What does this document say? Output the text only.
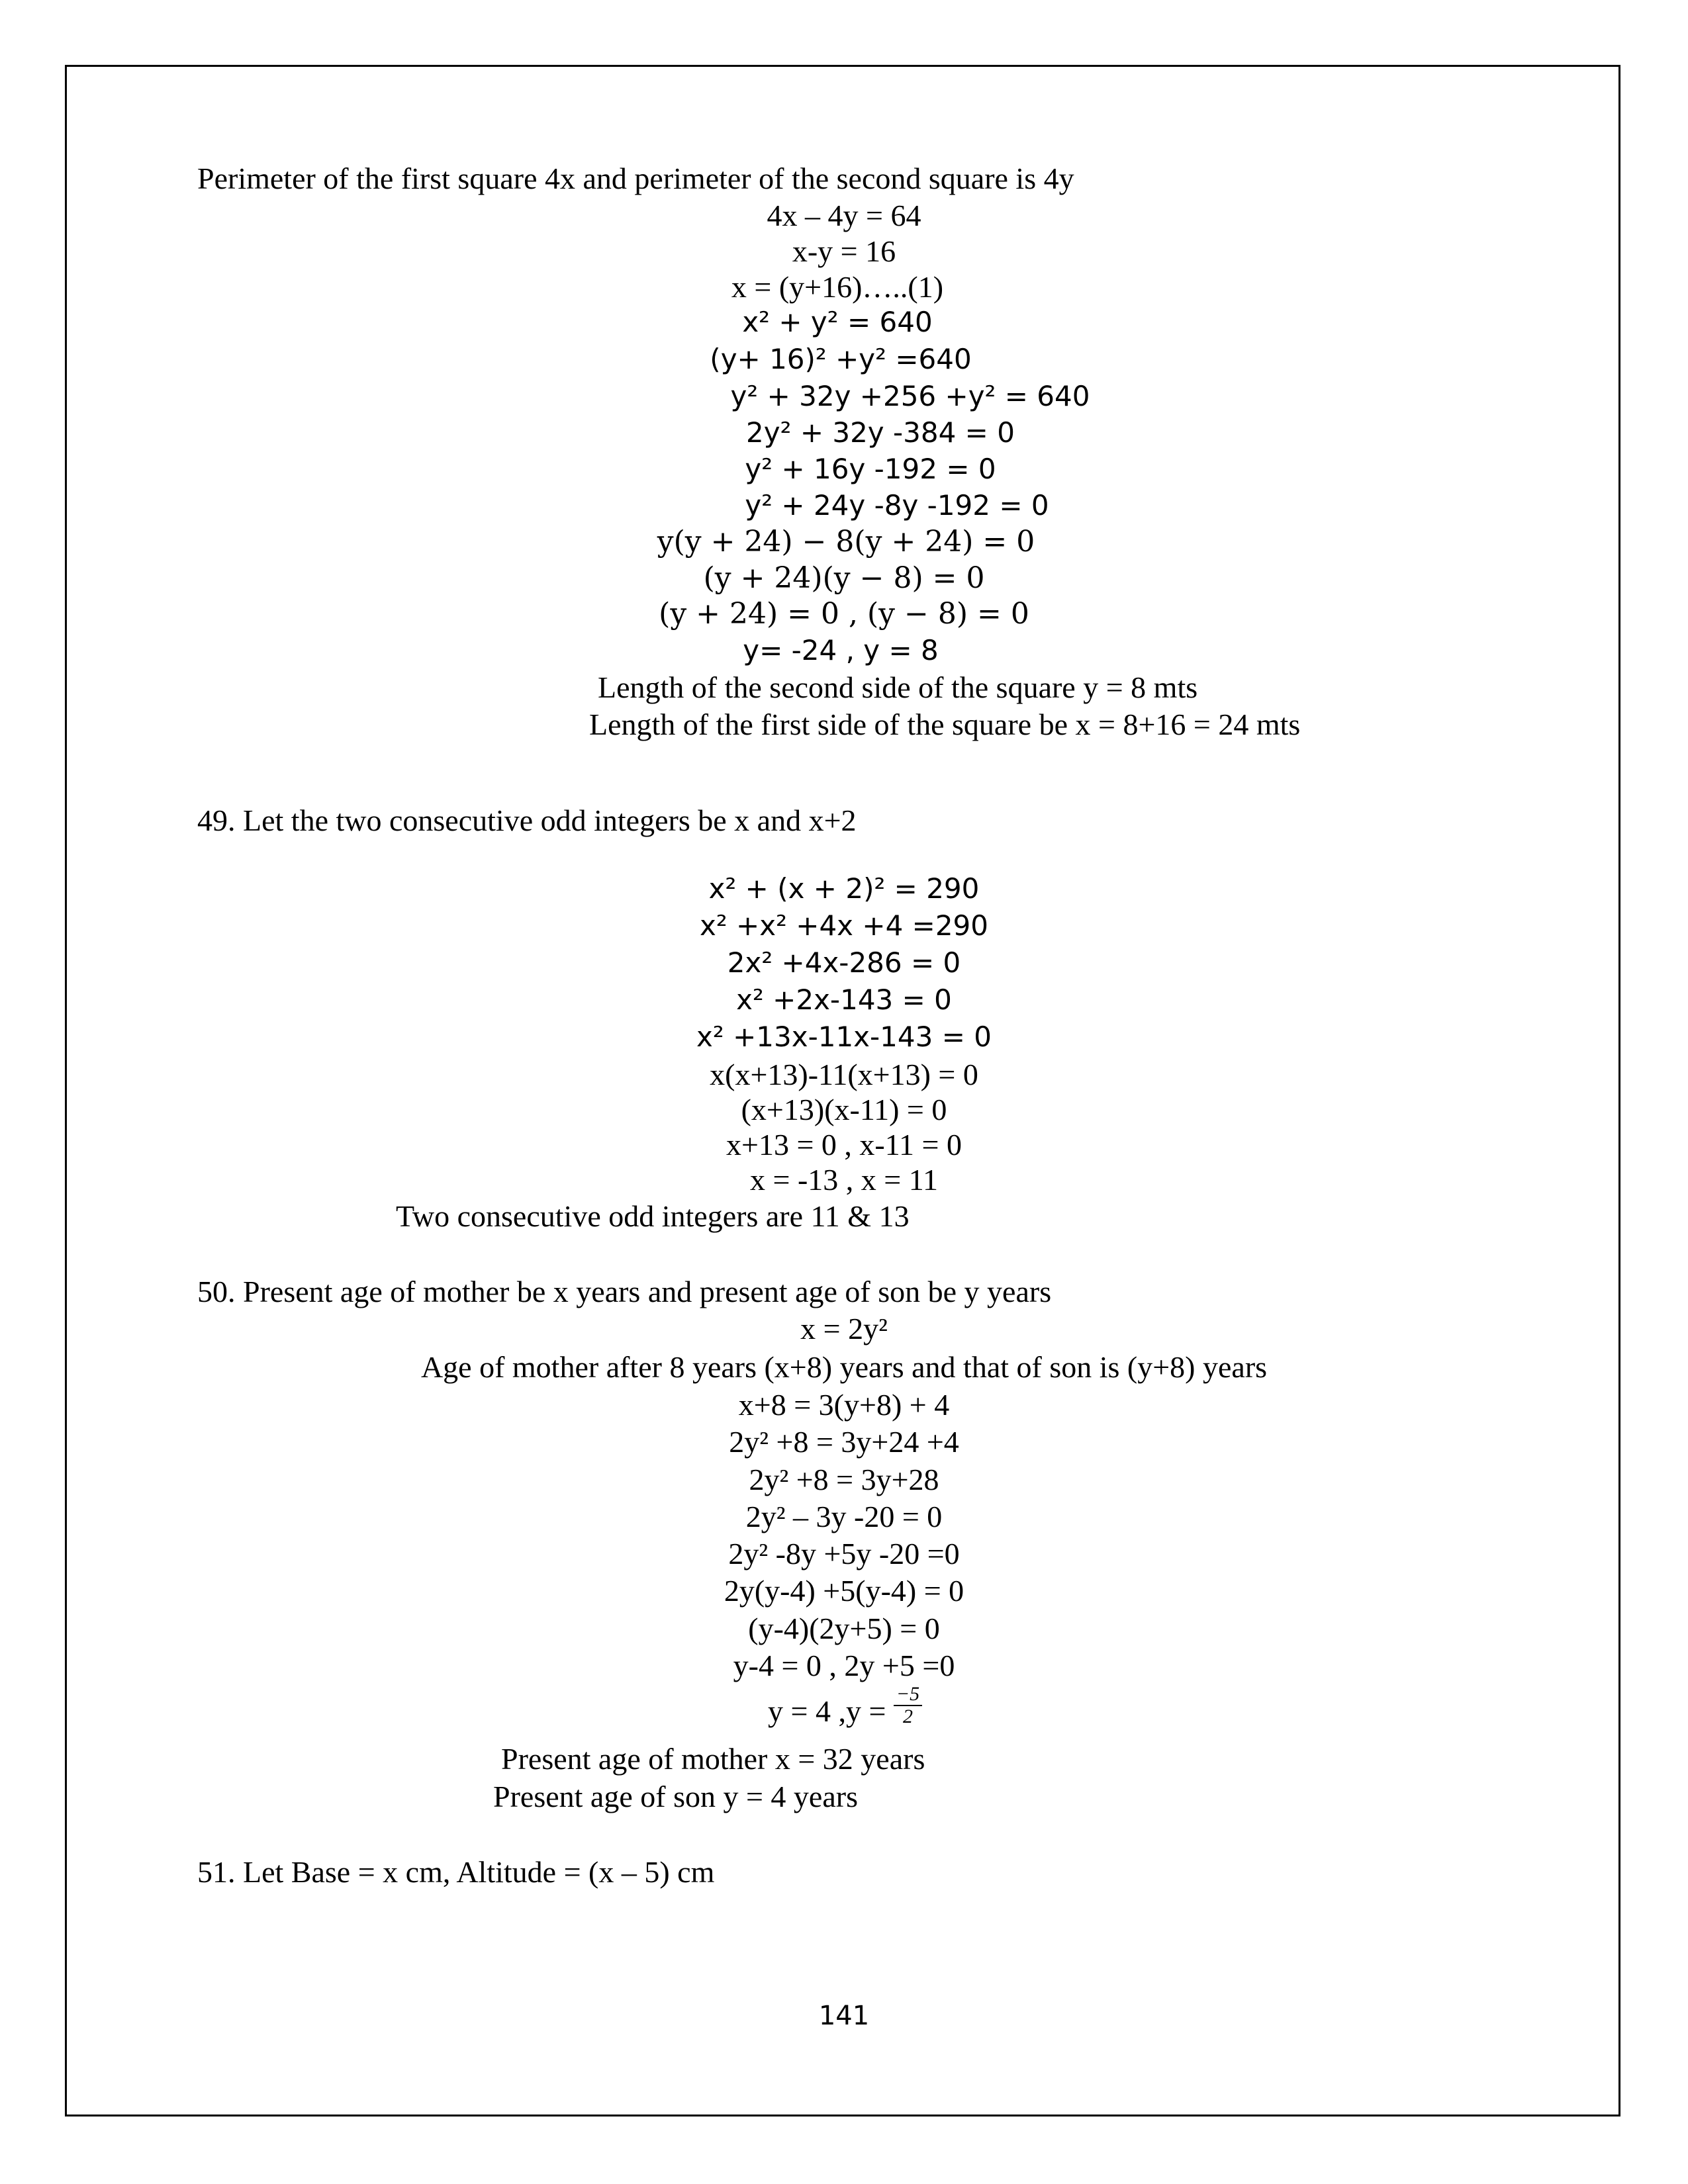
Perimeter of the first square 4x and perimeter of the second square is 4y
4x – 4y = 64
x-y = 16
x = (y+16)…..(1)
x² + y² = 640
(y+ 16)² +y² =640
y² + 32y +256 +y² = 640
2y² + 32y -384 = 0
y² + 16y -192 = 0
y² + 24y -8y -192 = 0
y(y + 24) − 8(y + 24) = 0
(y + 24)(y − 8) = 0
(y + 24) = 0 , (y − 8) = 0
y= -24 , y = 8
Length of the second side of the square y = 8 mts
Length of the first side of the square be x = 8+16 = 24 mts
49. Let the two consecutive odd integers be x and x+2
x² + (x + 2)² = 290
x² +x² +4x +4 =290
2x² +4x-286 = 0
x² +2x-143 = 0
x² +13x-11x-143 = 0
x(x+13)-11(x+13) = 0
(x+13)(x-11) = 0
x+13 = 0 , x-11 = 0
x = -13 , x = 11
Two consecutive odd integers are 11 & 13
50. Present age of mother be x years and present age of son be y years
x = 2y²
Age of mother after 8 years (x+8) years and that of son is (y+8) years
x+8 = 3(y+8) + 4
2y² +8 = 3y+24 +4
2y² +8 = 3y+28
2y² – 3y -20 = 0
2y² -8y +5y -20 =0
2y(y-4) +5(y-4) = 0
(y-4)(2y+5) = 0
y-4 = 0 , 2y +5 =0
y = 4 $,y = \frac{-5}{2}$
Present age of mother x = 32 years
Present age of son y = 4 years
51. Let Base = x cm, Altitude = (x – 5) cm
141
